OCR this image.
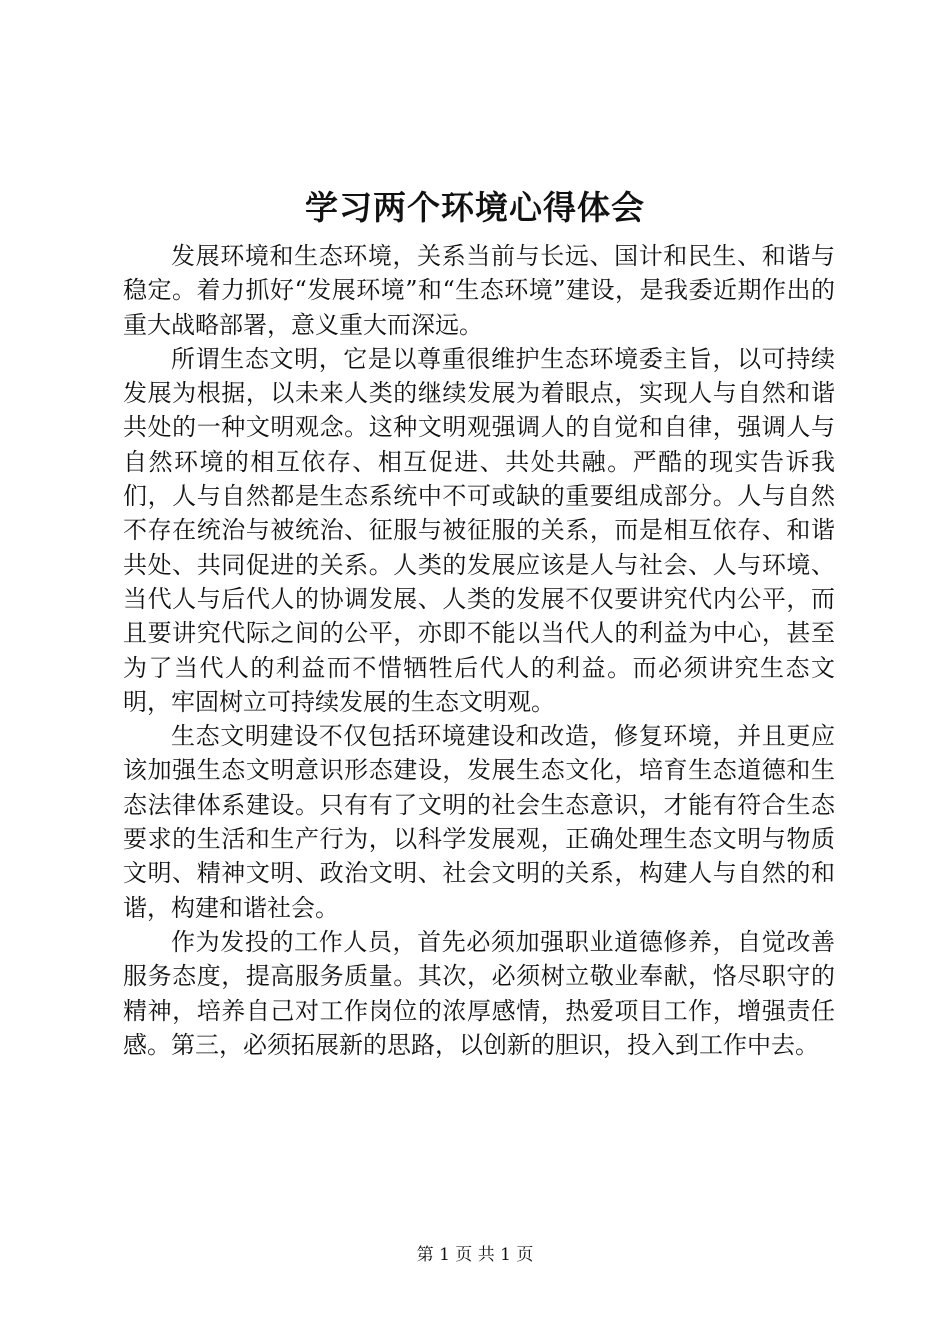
学习两个环境心得体会

发展环境和生态环境，关系当前与长远、国计和民生、和谐与稳定。着力抓好“发展环境”和“生态环境”建设，是我委近期作出的重大战略部署，意义重大而深远。

所谓生态文明，它是以尊重很维护生态环境委主旨，以可持续发展为根据，以未来人类的继续发展为着眼点，实现人与自然和谐共处的一种文明观念。这种文明观强调人的自觉和自律，强调人与自然环境的相互依存、相互促进、共处共融。严酷的现实告诉我们，人与自然都是生态系统中不可或缺的重要组成部分。人与自然不存在统治与被统治、征服与被征服的关系，而是相互依存、和谐共处、共同促进的关系。人类的发展应该是人与社会、人与环境、当代人与后代人的协调发展、人类的发展不仅要讲究代内公平，而且要讲究代际之间的公平，亦即不能以当代人的利益为中心，甚至为了当代人的利益而不惜牺牲后代人的利益。而必须讲究生态文明，牢固树立可持续发展的生态文明观。

生态文明建设不仅包括环境建设和改造，修复环境，并且更应该加强生态文明意识形态建设，发展生态文化，培育生态道德和生态法律体系建设。只有有了文明的社会生态意识，才能有符合生态要求的生活和生产行为，以科学发展观，正确处理生态文明与物质文明、精神文明、政治文明、社会文明的关系，构建人与自然的和谐，构建和谐社会。

作为发投的工作人员，首先必须加强职业道德修养，自觉改善服务态度，提高服务质量。其次，必须树立敬业奉献，恪尽职守的精神，培养自己对工作岗位的浓厚感情，热爱项目工作，增强责任感。第三，必须拓展新的思路，以创新的胆识，投入到工作中去。

第 1 页 共 1 页
